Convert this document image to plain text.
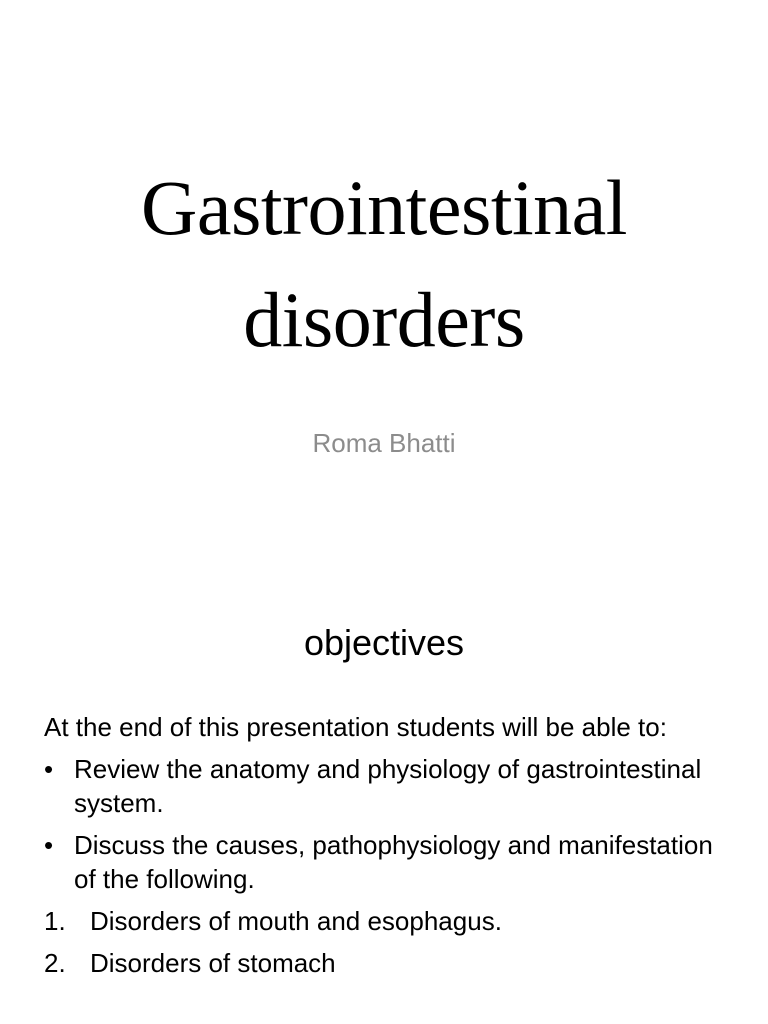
Gastrointestinal
disorders

Roma Bhatti

objectives

At the end of this presentation students will be able to:

• Review the anatomy and physiology of gastrointestinal system.
• Discuss the causes, pathophysiology and manifestation of the following.
1. Disorders of mouth and esophagus.
2. Disorders of stomach
